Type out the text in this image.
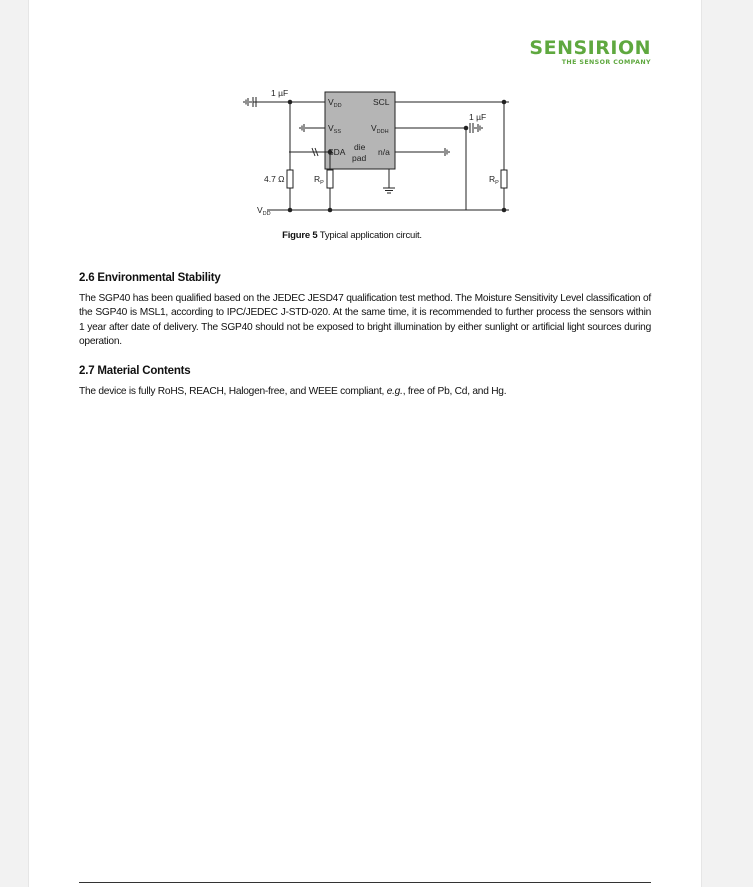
SENSIRION
THE SENSOR COMPANY
1 µF
1 µF
4.7 Ω	$R_P$	$R_P$
$V_{DD}$
$V_{DD}$
$V_{SS}$
SDA
SCL
$V_{DDH}$
n/a
die
pad
Figure 5 Typical application circuit.
2.6 Environmental Stability
The SGP40 has been qualified based on the JEDEC JESD47 qualification test method. The Moisture Sensitivity Level classification of the SGP40 is MSL1, according to IPC/JEDEC J-STD-020. At the same time, it is recommended to further process the sensors within 1 year after date of delivery. The SGP40 should not be exposed to bright illumination by either sunlight or artificial light sources during operation.
2.7 Material Contents
The device is fully RoHS, REACH, Halogen-free, and WEEE compliant, e.g., free of Pb, Cd, and Hg.
